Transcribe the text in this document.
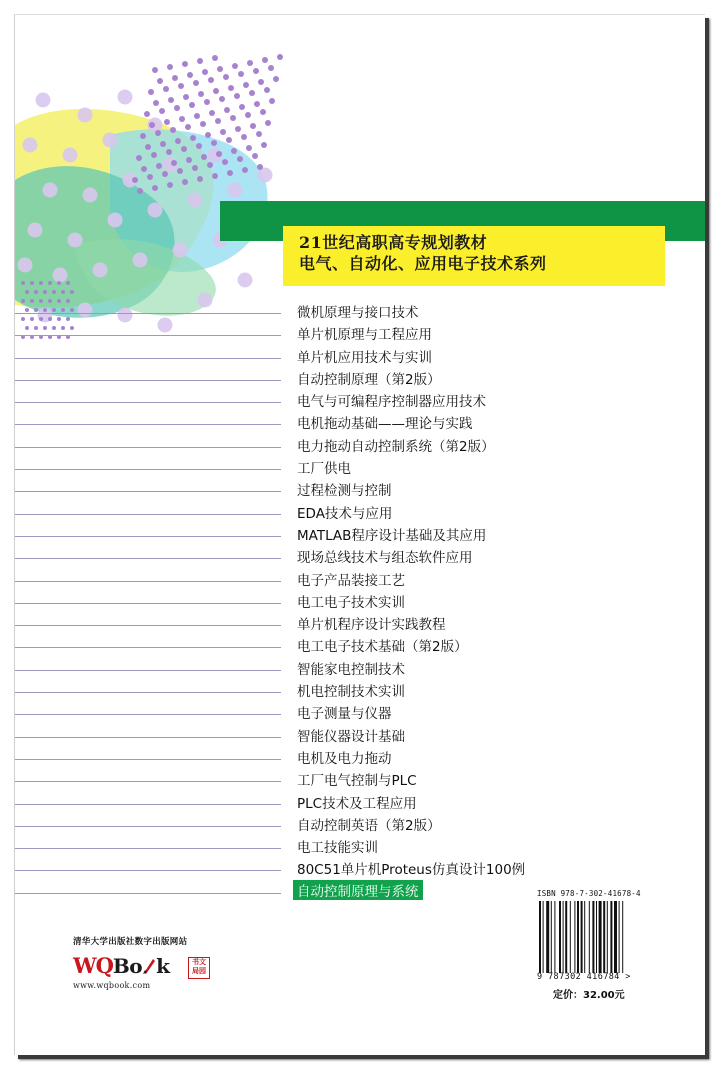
21世纪高职高专规划教材
电气、自动化、应用电子技术系列
微机原理与接口技术
单片机原理与工程应用
单片机应用技术与实训
自动控制原理（第2版）
电气与可编程序控制器应用技术
电机拖动基础——理论与实践
电力拖动自动控制系统（第2版）
工厂供电
过程检测与控制
EDA技术与应用
MATLAB程序设计基础及其应用
现场总线技术与组态软件应用
电子产品装接工艺
电工电子技术实训
单片机程序设计实践教程
电工电子技术基础（第2版）
智能家电控制技术
机电控制技术实训
电子测量与仪器
智能仪器设计基础
电机及电力拖动
工厂电气控制与PLC
PLC技术及工程应用
自动控制英语（第2版）
电工技能实训
80C51单片机Proteus仿真设计100例
自动控制原理与系统
清华大学出版社数字出版网站
WQBo k	书文
局园
www.wqbook.com
ISBN 978-7-302-41678-4
9 787302 416784 >
定价：32.00元
